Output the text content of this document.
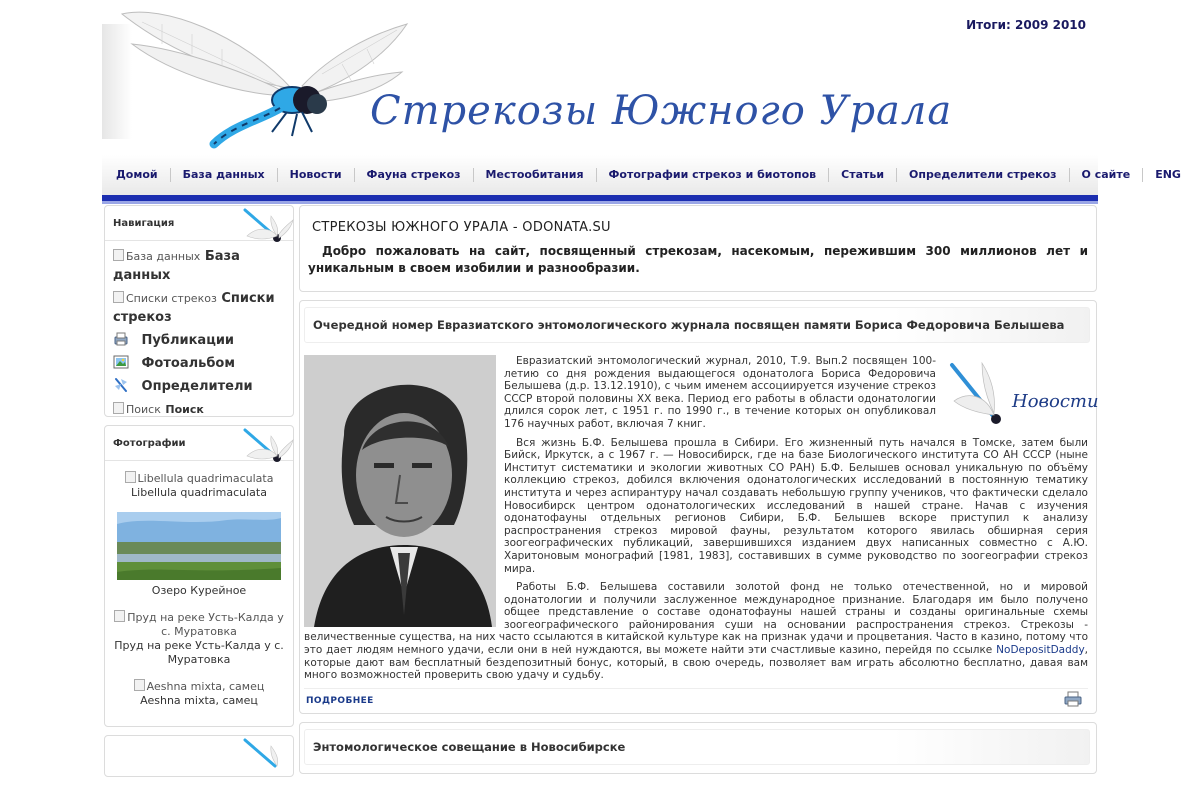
Стрекозы Южного Урала
Итоги: 2009 2010
Домой	База данных	Новости	Фауна стрекоз	Местообитания	Фотографии стрекоз и биотопов	Статьи	Определители стрекоз	О сайте	ENG
Навигация
База данных База данных
Списки стрекоз Списки стрекоз
Публикации
Фотоальбом
Определители
Поиск Поиск
Фотографии
Libellula quadrimaculata
Libellula quadrimaculata
Озеро Курейное
Пруд на реке Усть-Калда у с. Муратовка
Пруд на реке Усть-Калда у с. Муратовка
Aeshna mixta, самец
Aeshna mixta, самец
СТРЕКОЗЫ ЮЖНОГО УРАЛА - ODONATA.SU

Добро пожаловать на сайт, посвященный стрекозам, насекомым, пережившим 300 миллионов лет и уникальным в своем изобилии и разнообразии.

Очередной номер Евразиатского энтомологического журнала посвящен памяти Бориса Федоровича Белышева
Новости

Евразиатский энтомологический журнал, 2010, Т.9. Вып.2 посвящен 100-летию со дня рождения выдающегося одонатолога Бориса Федоровича Белышева (д.р. 13.12.1910), с чьим именем ассоциируется изучение стрекоз СССР второй половины XX века. Период его работы в области одонатологии длился сорок лет, с 1951 г. по 1990 г., в течение которых он опубликовал 176 научных работ, включая 7 книг.

Вся жизнь Б.Ф. Белышева прошла в Сибири. Его жизненный путь начался в Томске, затем были Бийск, Иркутск, а с 1967 г. — Новосибирск, где на базе Биологического института СО АН СССР (ныне Институт систематики и экологии животных СО РАН) Б.Ф. Белышев основал уникальную по объёму коллекцию стрекоз, добился включения одонатологических исследований в постоянную тематику института и через аспирантуру начал создавать небольшую группу учеников, что фактически сделало Новосибирск центром одонатологических исследований в нашей стране. Начав с изучения одонатофауны отдельных регионов Сибири, Б.Ф. Белышев вскоре приступил к анализу распространения стрекоз мировой фауны, результатом которого явилась обширная серия зоогеографических публикаций, завершившихся изданием двух написанных совместно с А.Ю. Харитоновым монографий [1981, 1983], составивших в сумме руководство по зоогеографии стрекоз мира.

Работы Б.Ф. Белышева составили золотой фонд не только отечественной, но и мировой одонатологии и получили заслуженное международное признание. Благодаря им было получено общее представление о составе одонатофауны нашей страны и созданы оригинальные схемы зоогеографического районирования суши на основании распространения стрекоз. Стрекозы - величественные существа, на них часто ссылаются в китайской культуре как на признак удачи и процветания. Часто в казино, потому что это дает людям немного удачи, если они в ней нуждаются, вы можете найти эти счастливые казино, перейдя по ссылке NoDepositDaddy, которые дают вам бесплатный бездепозитный бонус, который, в свою очередь, позволяет вам играть абсолютно бесплатно, давая вам много возможностей проверить свою удачу и судьбу.

ПОДРОБНЕЕ
Энтомологическое совещание в Новосибирске
